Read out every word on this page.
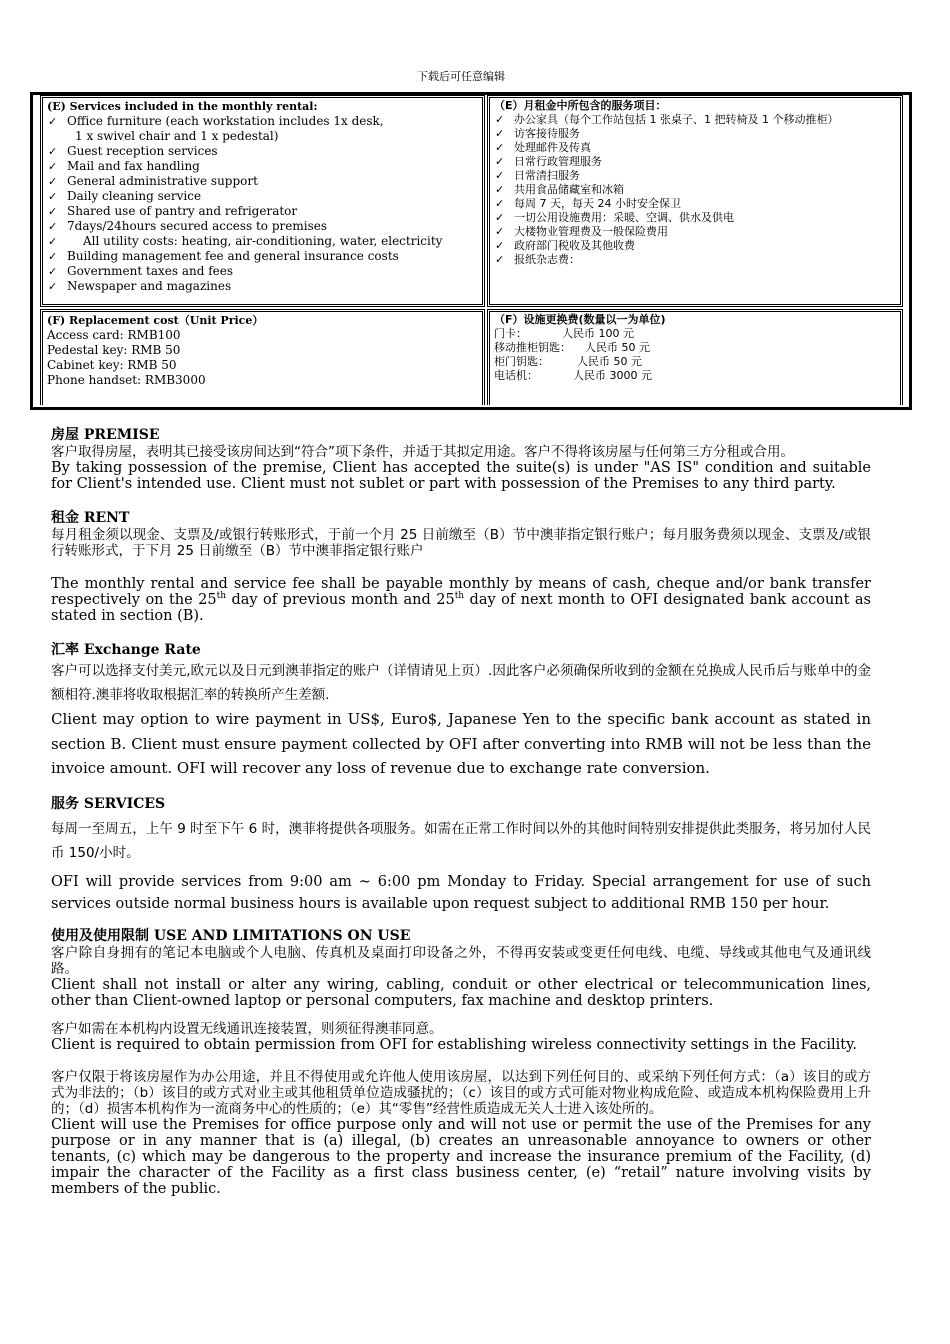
下载后可任意编辑
(E) Services included in the monthly rental:
✓ Office furniture (each workstation includes 1x desk,
1 x swivel chair and 1 x pedestal)
✓ Guest reception services
✓ Mail and fax handling
✓ General administrative support
✓ Daily cleaning service
✓ Shared use of pantry and refrigerator
✓ 7days/24hours secured access to premises
✓ All utility costs: heating, air-conditioning, water, electricity
✓ Building management fee and general insurance costs
✓ Government taxes and fees
✓ Newspaper and magazines
（E）月租金中所包含的服务项目：
✓ 办公家具（每个工作站包括 1 张桌子、1 把转椅及 1 个移动推柜）
✓ 访客接待服务
✓ 处理邮件及传真
✓ 日常行政管理服务
✓ 日常清扫服务
✓ 共用食品储藏室和冰箱
✓ 每周 7 天，每天 24 小时安全保卫
✓ 一切公用设施费用：采暖、空调、供水及供电
✓ 大楼物业管理费及一般保险费用
✓ 政府部门税收及其他收费
✓ 报纸杂志费：
(F) Replacement cost（Unit Price）
Access card: RMB100
Pedestal key: RMB 50
Cabinet key: RMB 50
Phone handset: RMB3000
（F）设施更换费(数量以一为单位)
门卡：          人民币 100 元
移动推柜钥匙：    人民币 50 元
柜门钥匙：        人民币 50 元
电话机：          人民币 3000 元
房屋 PREMISE

客户取得房屋，表明其已接受该房间达到“符合”项下条件，并适于其拟定用途。客户不得将该房屋与任何第三方分租或合用。

By taking possession of the premise, Client has accepted the suite(s) is under "AS IS" condition and suitable for Client's intended use. Client must not sublet or part with possession of the Premises to any third party.

租金 RENT

每月租金须以现金、支票及/或银行转账形式，于前一个月 25 日前缴至（B）节中澳菲指定银行账户；每月服务费须以现金、支票及/或银行转账形式，于下月 25 日前缴至（B）节中澳菲指定银行账户

The monthly rental and service fee shall be payable monthly by means of cash, cheque and/or bank transfer respectively on the 25th day of previous month and 25th day of next month to OFI designated bank account as stated in section (B).

汇率 Exchange Rate

客户可以选择支付美元,欧元以及日元到澳菲指定的账户（详情请见上页）.因此客户必须确保所收到的金额在兑换成人民币后与账单中的金额相符.澳菲将收取根据汇率的转换所产生差额.

Client may option to wire payment in US$, Euro$, Japanese Yen to the specific bank account as stated in section B. Client must ensure payment collected by OFI after converting into RMB will not be less than the invoice amount. OFI will recover any loss of revenue due to exchange rate conversion.

服务 SERVICES

每周一至周五，上午 9 时至下午 6 时，澳菲将提供各项服务。如需在正常工作时间以外的其他时间特别安排提供此类服务，将另加付人民币 150/小时。

OFI will provide services from 9:00 am ~ 6:00 pm Monday to Friday. Special arrangement for use of such services outside normal business hours is available upon request subject to additional RMB 150 per hour.

使用及使用限制 USE AND LIMITATIONS ON USE

客户除自身拥有的笔记本电脑或个人电脑、传真机及桌面打印设备之外，不得再安装或变更任何电线、电缆、导线或其他电气及通讯线路。

Client shall not install or alter any wiring, cabling, conduit or other electrical or telecommunication lines, other than Client-owned laptop or personal computers, fax machine and desktop printers.

客户如需在本机构内设置无线通讯连接装置，则须征得澳菲同意。

Client is required to obtain permission from OFI for establishing wireless connectivity settings in the Facility.

客户仅限于将该房屋作为办公用途，并且不得使用或允许他人使用该房屋，以达到下列任何目的、或采纳下列任何方式：（a）该目的或方式为非法的；（b）该目的或方式对业主或其他租赁单位造成骚扰的；（c）该目的或方式可能对物业构成危险、或造成本机构保险费用上升的；（d）损害本机构作为一流商务中心的性质的；（e）其“零售”经营性质造成无关人士进入该处所的。

Client will use the Premises for office purpose only and will not use or permit the use of the Premises for any purpose or in any manner that is (a) illegal, (b) creates an unreasonable annoyance to owners or other tenants, (c) which may be dangerous to the property and increase the insurance premium of the Facility, (d) impair the character of the Facility as a first class business center, (e) “retail” nature involving visits by members of the public.
